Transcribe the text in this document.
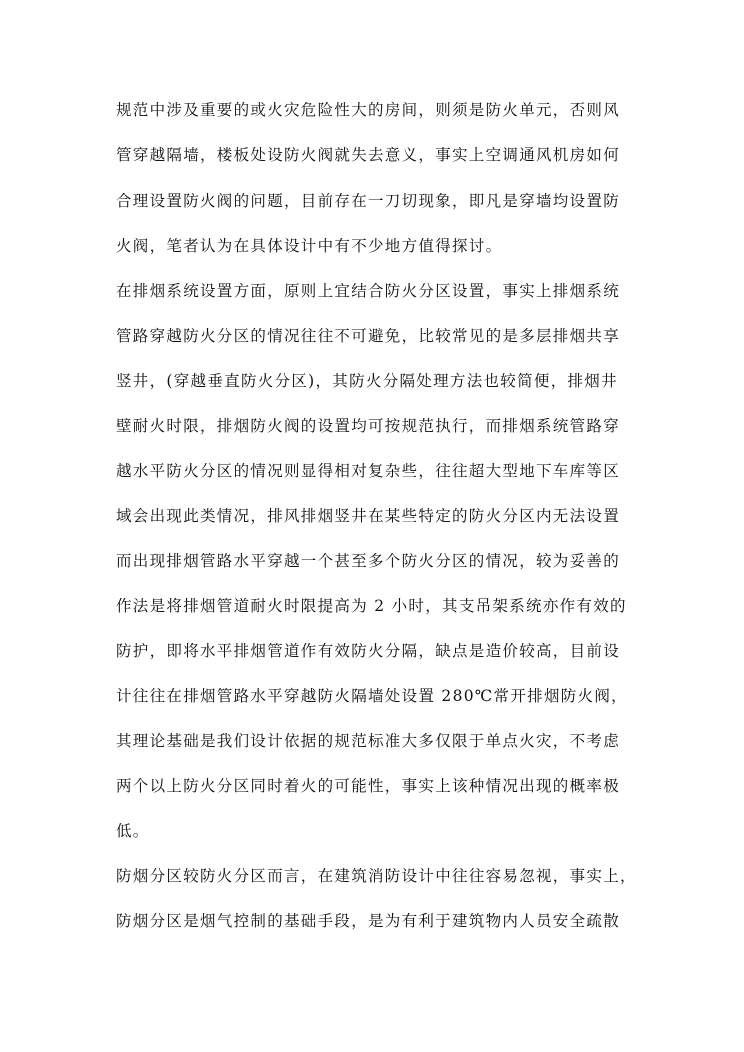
规范中涉及重要的或火灾危险性大的房间，则须是防火单元，否则风
管穿越隔墙，楼板处设防火阀就失去意义，事实上空调通风机房如何
合理设置防火阀的问题，目前存在一刀切现象，即凡是穿墙均设置防
火阀，笔者认为在具体设计中有不少地方值得探讨。
在排烟系统设置方面，原则上宜结合防火分区设置，事实上排烟系统
管路穿越防火分区的情况往往不可避免，比较常见的是多层排烟共享
竖井，(穿越垂直防火分区)，其防火分隔处理方法也较简便，排烟井
壁耐火时限，排烟防火阀的设置均可按规范执行，而排烟系统管路穿
越水平防火分区的情况则显得相对复杂些，往往超大型地下车库等区
域会出现此类情况，排风排烟竖井在某些特定的防火分区内无法设置
而出现排烟管路水平穿越一个甚至多个防火分区的情况，较为妥善的
作法是将排烟管道耐火时限提高为 2 小时，其支吊架系统亦作有效的
防护，即将水平排烟管道作有效防火分隔，缺点是造价较高，目前设
计往往在排烟管路水平穿越防火隔墙处设置 280℃常开排烟防火阀，
其理论基础是我们设计依据的规范标准大多仅限于单点火灾，不考虑
两个以上防火分区同时着火的可能性，事实上该种情况出现的概率极
低。
防烟分区较防火分区而言，在建筑消防设计中往往容易忽视，事实上，
防烟分区是烟气控制的基础手段，是为有利于建筑物内人员安全疏散
